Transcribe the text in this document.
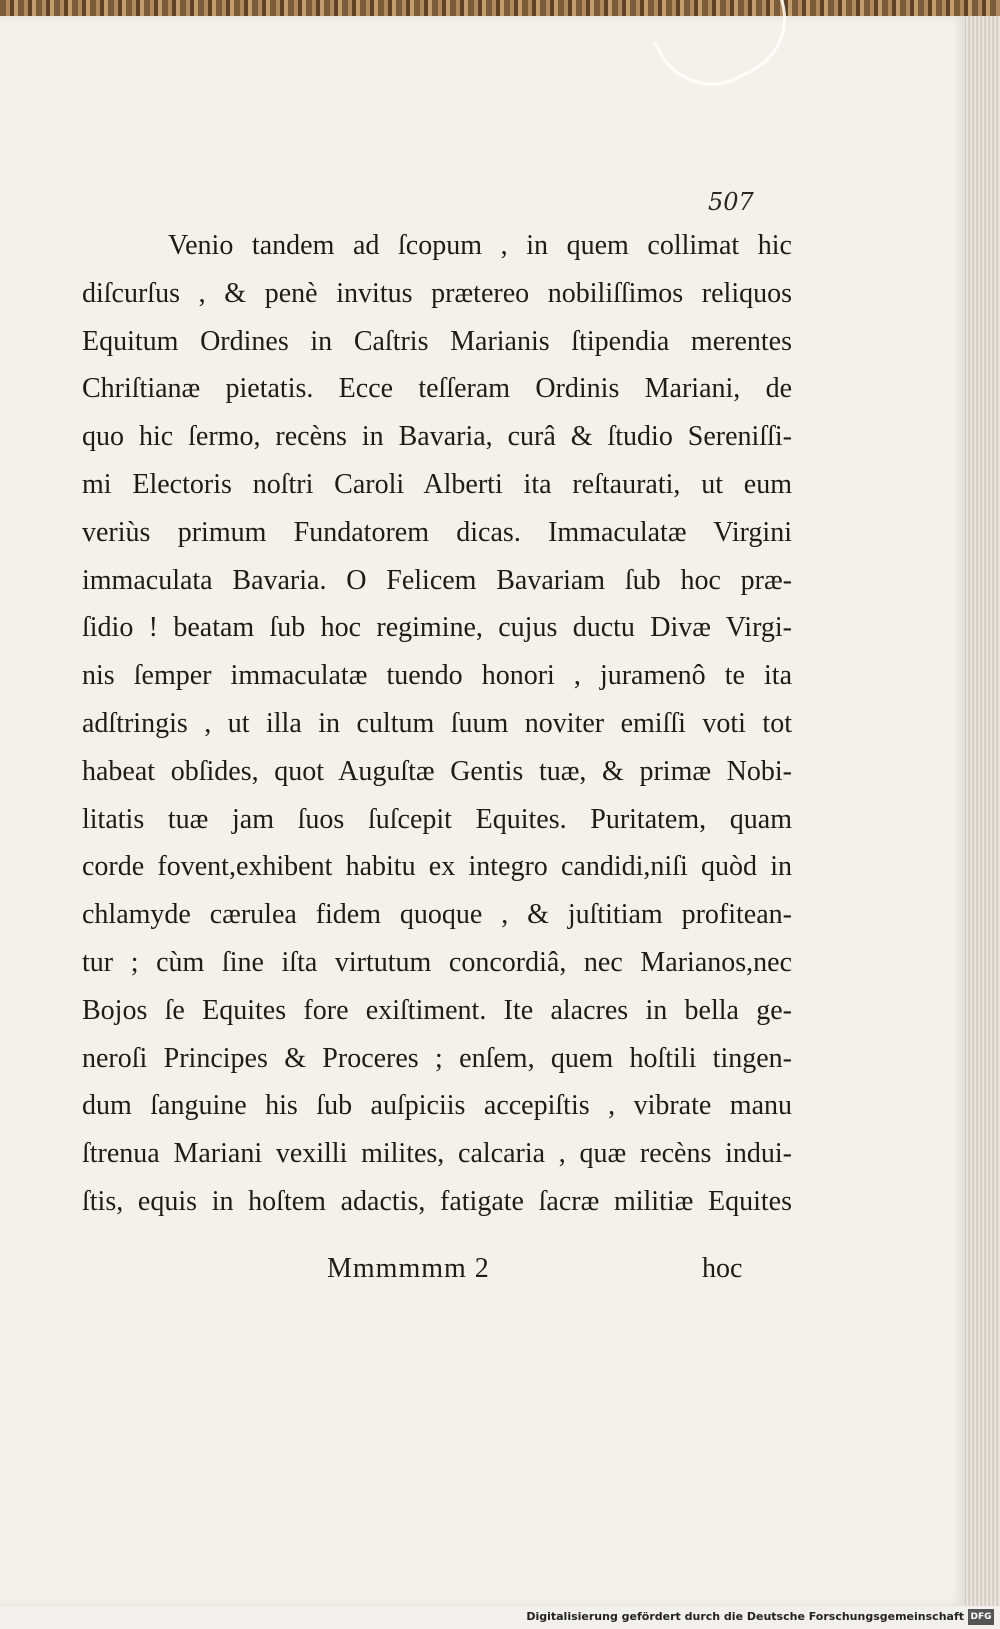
507
Venio tandem ad ſcopum , in quem collimat hic
diſcurſus , & penè invitus prætereo nobiliſſimos reliquos
Equitum Ordines in Caſtris Marianis ſtipendia merentes
Chriſtianæ pietatis. Ecce teſſeram Ordinis Mariani, de
quo hic ſermo, recèns in Bavaria, curâ & ſtudio Sereniſſi-
mi Electoris noſtri Caroli Alberti ita reſtaurati, ut eum
veriùs primum Fundatorem dicas. Immaculatæ Virgini
immaculata Bavaria. O Felicem Bavariam ſub hoc præ-
ſidio ! beatam ſub hoc regimine, cujus ductu Divæ Virgi-
nis ſemper immaculatæ tuendo honori , juramenô te ita
adſtringis , ut illa in cultum ſuum noviter emiſſi voti tot
habeat obſides, quot Auguſtæ Gentis tuæ, & primæ Nobi-
litatis tuæ jam ſuos ſuſcepit Equites. Puritatem, quam
corde fovent,exhibent habitu ex integro candidi,niſi quòd in
chlamyde cærulea fidem quoque , & juſtitiam profitean-
tur ; cùm ſine iſta virtutum concordiâ, nec Marianos,nec
Bojos ſe Equites fore exiſtiment. Ite alacres in bella ge-
neroſi Principes & Proceres ; enſem, quem hoſtili tingen-
dum ſanguine his ſub auſpiciis accepiſtis , vibrate manu
ſtrenua Mariani vexilli milites, calcaria , quæ recèns indui-
ſtis, equis in hoſtem adactis, fatigate ſacræ militiæ Equites
Mmmmmm 2	hoc
Digitalisierung gefördert durch die Deutsche Forschungsgemeinschaft DFG
